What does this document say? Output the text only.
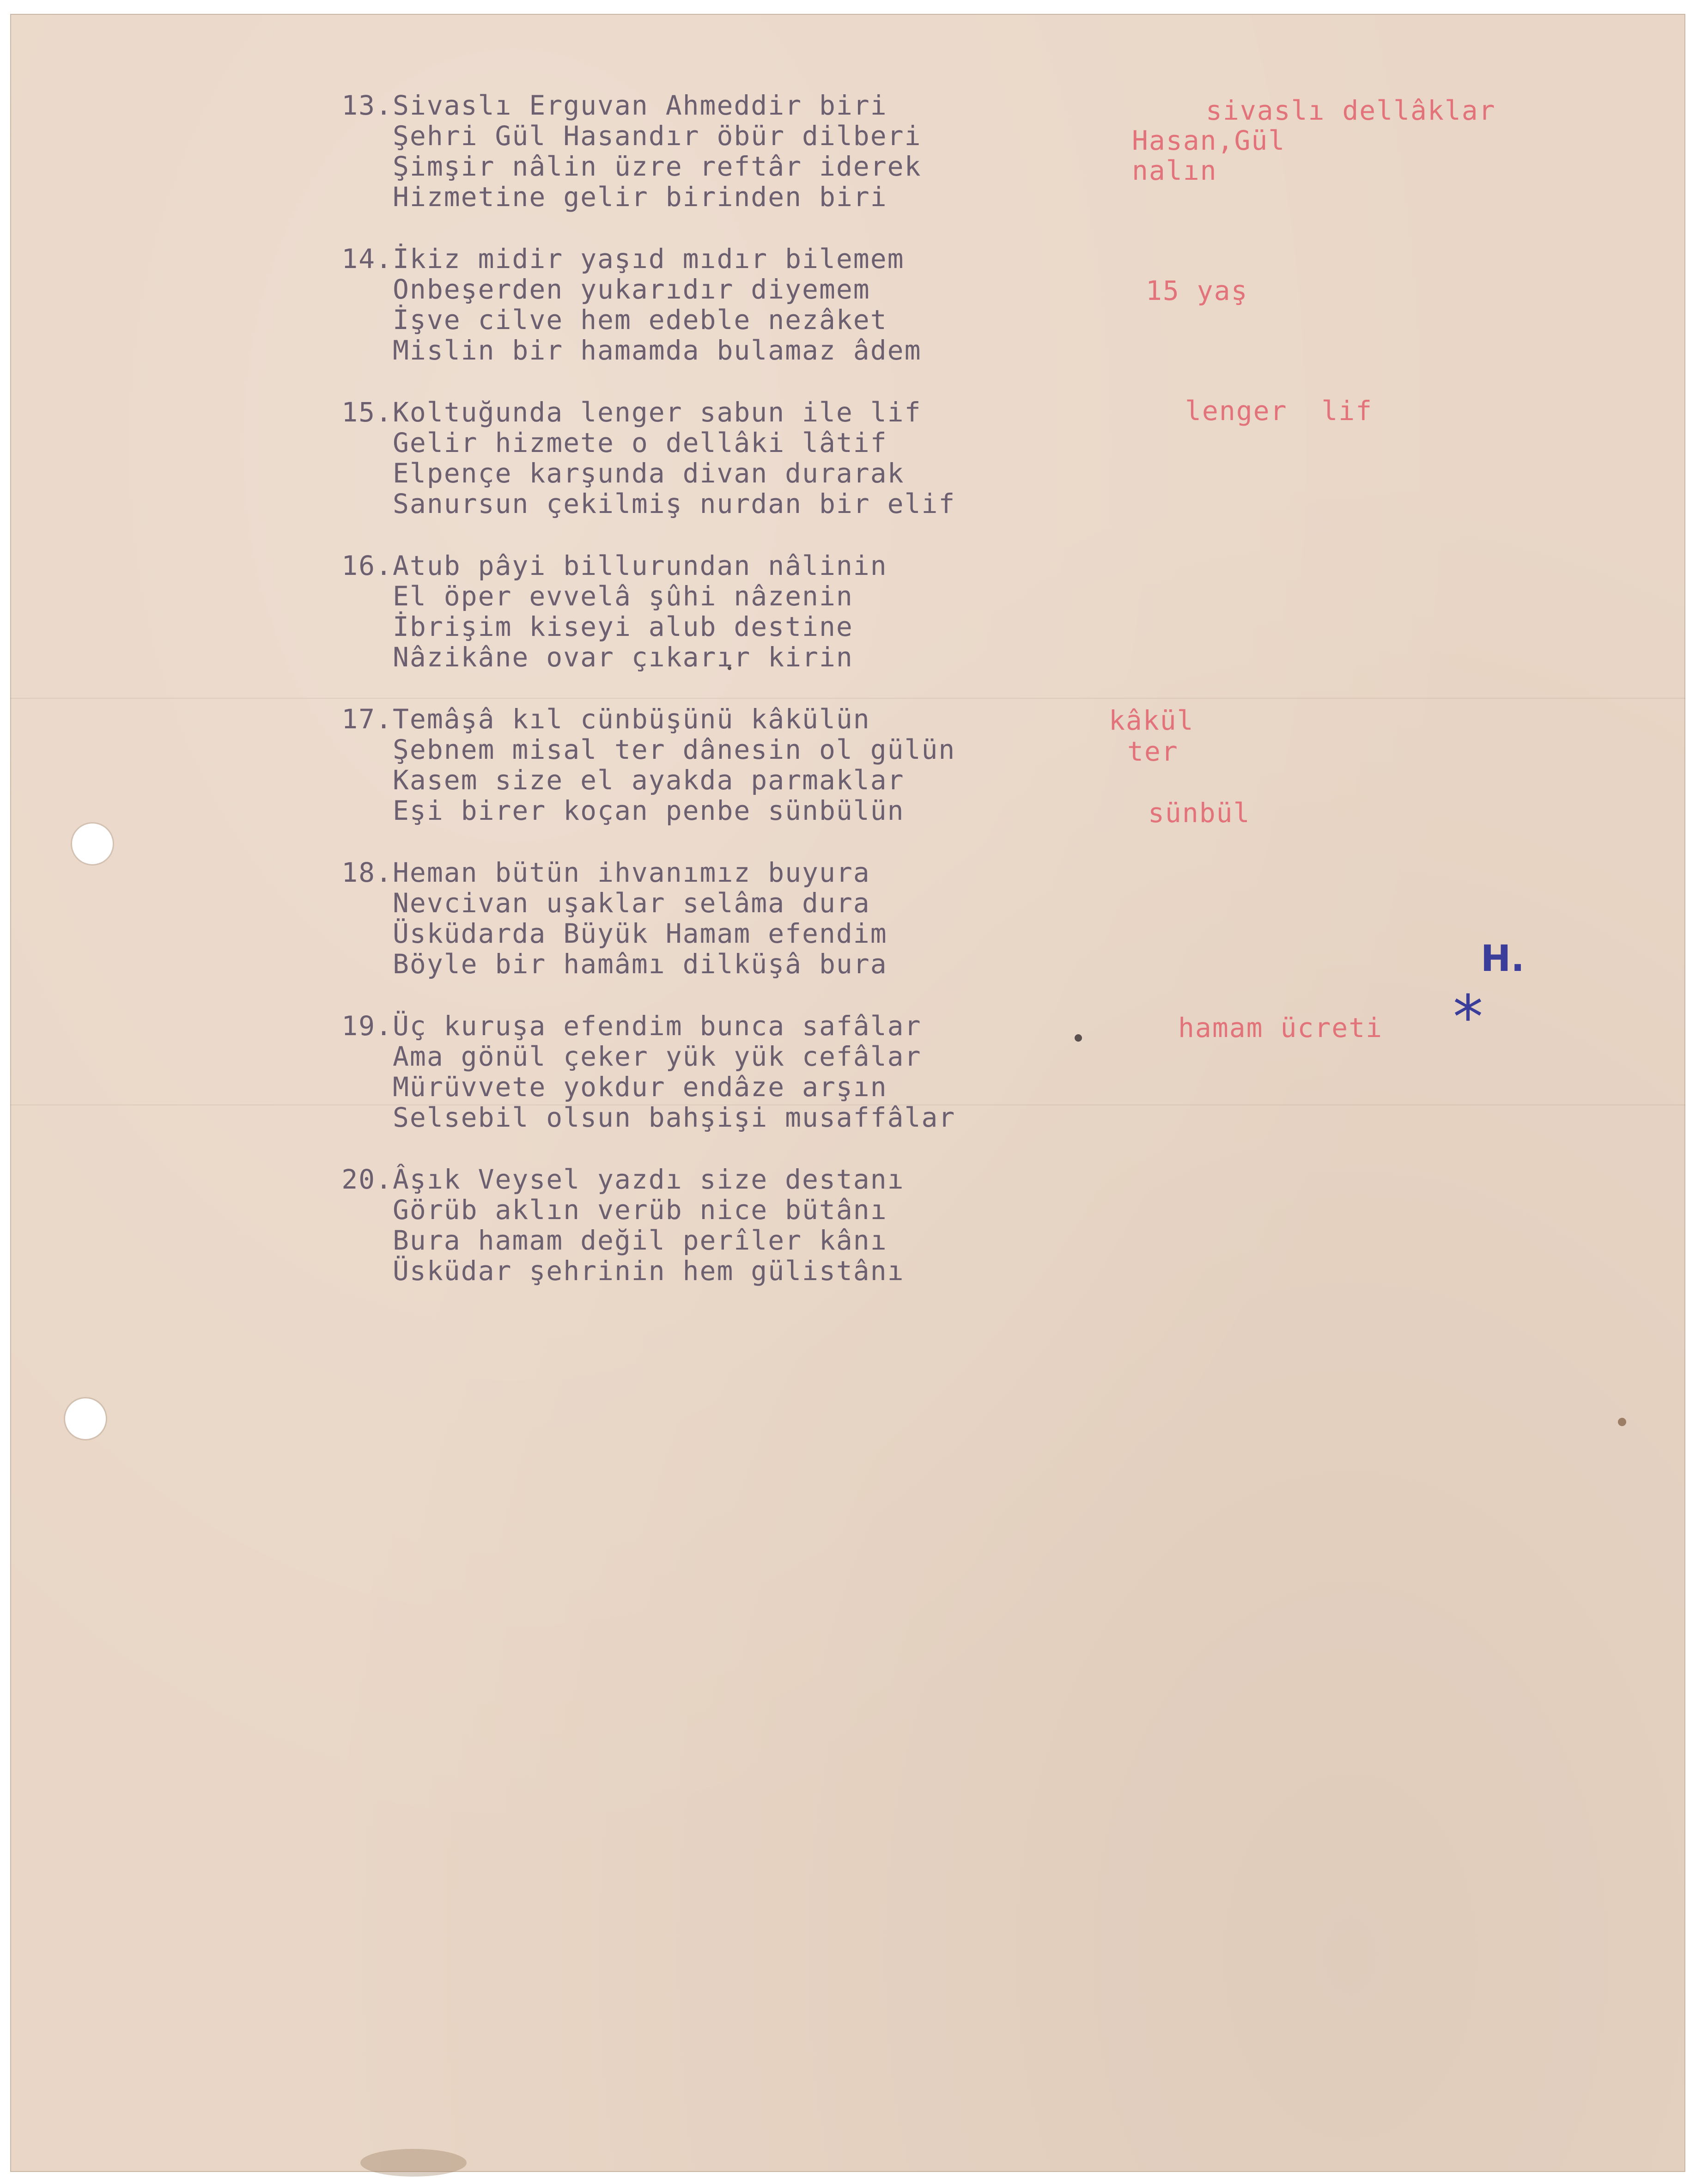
13.Sivaslı Erguvan Ahmeddir biri
Şehri Gül Hasandır öbür dilberi
Şimşir nâlin üzre reftâr iderek
Hizmetine gelir birinden biri
14.İkiz midir yaşıd mıdır bilemem
Onbeşerden yukarıdır diyemem
İşve cilve hem edeble nezâket
Mislin bir hamamda bulamaz âdem
15.Koltuğunda lenger sabun ile lif
Gelir hizmete o dellâki lâtif
Elpençe karşunda divan durarak
Sanursun çekilmiş nurdan bir elif
16.Atub pâyi billurundan nâlinin
El öper evvelâ şûhi nâzenin
İbrişim kiseyi alub destine
Nâzikâne ovar çıkarır kirin
17.Temâşâ kıl cünbüşünü kâkülün
Şebnem misal ter dânesin ol gülün
Kasem size el ayakda parmaklar
Eşi birer koçan penbe sünbülün
18.Heman bütün ihvanımız buyura
Nevcivan uşaklar selâma dura
Üsküdarda Büyük Hamam efendim
Böyle bir hamâmı dilküşâ bura
19.Üç kuruşa efendim bunca safâlar
Ama gönül çeker yük yük cefâlar
Mürüvvete yokdur endâze arşın
Selsebil olsun bahşişi musaffâlar
20.Âşık Veysel yazdı size destanı
Görüb aklın verüb nice bütânı
Bura hamam değil perîler kânı
Üsküdar şehrinin hem gülistânı
sivaslı dellâklar
Hasan,Gül
nalın
15 yaş
lenger  lif
kâkül
ter
sünbül
hamam ücreti
H.
*
